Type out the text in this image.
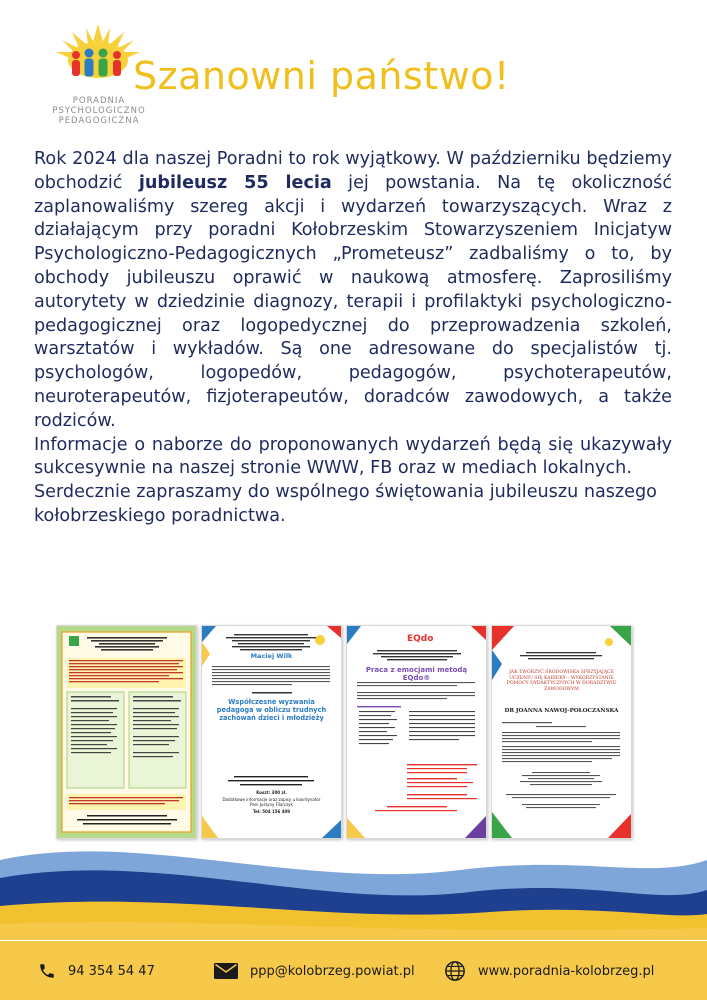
PORADNIA
PSYCHOLOGICZNO
PEDAGOGICZNA
Szanowni państwo!

Rok 2024 dla naszej Poradni to rok wyjątkowy. W październiku będziemy obchodzić jubileusz 55 lecia jej powstania. Na tę okoliczność zaplanowaliśmy szereg akcji i wydarzeń towarzyszących. Wraz z działającym przy poradni Kołobrzeskim Stowarzyszeniem Inicjatyw Psychologiczno-Pedagogicznych „Prometeusz” zadbaliśmy o to, by obchody jubileuszu oprawić w naukową atmosferę. Zaprosiliśmy autorytety w dziedzinie diagnozy, terapii i profilaktyki psychologiczno-pedagogicznej oraz logopedycznej do przeprowadzenia szkoleń, warsztatów i wykładów. Są one adresowane do specjalistów tj. psychologów, logopedów, pedagogów, psychoterapeutów, neuroterapeutów, fizjoterapeutów, doradców zawodowych, a także rodziców.

Informacje o naborze do proponowanych wydarzeń będą się ukazywały sukcesywnie na naszej stronie WWW, FB oraz w mediach lokalnych.

Serdecznie zapraszamy do wspólnego świętowania jubileuszu naszego kołobrzeskiego poradnictwa.

Maciej Wilk
Współczesne wyzwania pedagoga w obliczu trudnych zachowań dzieci i młodzieży
Koszt: 300 zł.
Dodatkowe informacje oraz zapisy u koordynator Pani Justyny Filarczyk
Tel: 504 156 409
EQdo
Praca z emocjami metodą EQdo®
JAK TWORZYĆ ŚRODOWISKA SPRZYJAJĄCE UCZENIU SIĘ KARIERY – WYKORZYSTANIE POMOCY DYDAKTYCZNYCH W DORADZTWIE ZAWODOWYM
DR JOANNA NAWOJ-POŁOCZAŃSKA
94 354 54 47	ppp@kolobrzeg.powiat.pl	www.poradnia-kolobrzeg.pl
